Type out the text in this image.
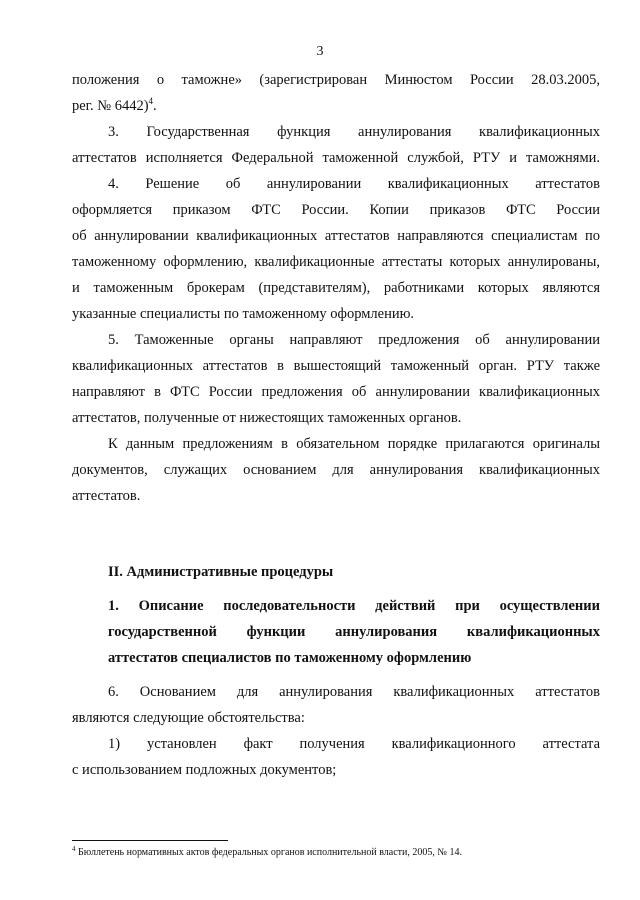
3
положения о таможне» (зарегистрирован Минюстом России 28.03.2005,
рег. № 6442)$^4$.
3. Государственная функция аннулирования квалификационных
аттестатов исполняется Федеральной таможенной службой, РТУ и таможнями.
4. Решение об аннулировании квалификационных аттестатов
оформляется приказом ФТС России. Копии приказов ФТС России
об аннулировании квалификационных аттестатов направляются специалистам по
таможенному оформлению, квалификационные аттестаты которых аннулированы,
и таможенным брокерам (представителям), работниками которых являются
указанные специалисты по таможенному оформлению.
5. Таможенные органы направляют предложения об аннулировании
квалификационных аттестатов в вышестоящий таможенный орган. РТУ также
направляют в ФТС России предложения об аннулировании квалификационных
аттестатов, полученные от нижестоящих таможенных органов.
К данным предложениям в обязательном порядке прилагаются оригиналы
документов, служащих основанием для аннулирования квалификационных
аттестатов.
II. Административные процедуры
1. Описание последовательности действий при осуществлении
государственной функции аннулирования квалификационных
аттестатов специалистов по таможенному оформлению
6. Основанием для аннулирования квалификационных аттестатов
являются следующие обстоятельства:
1) установлен факт получения квалификационного аттестата
с использованием подложных документов;
$^4$ Бюллетень нормативных актов федеральных органов исполнительной власти, 2005, № 14.
